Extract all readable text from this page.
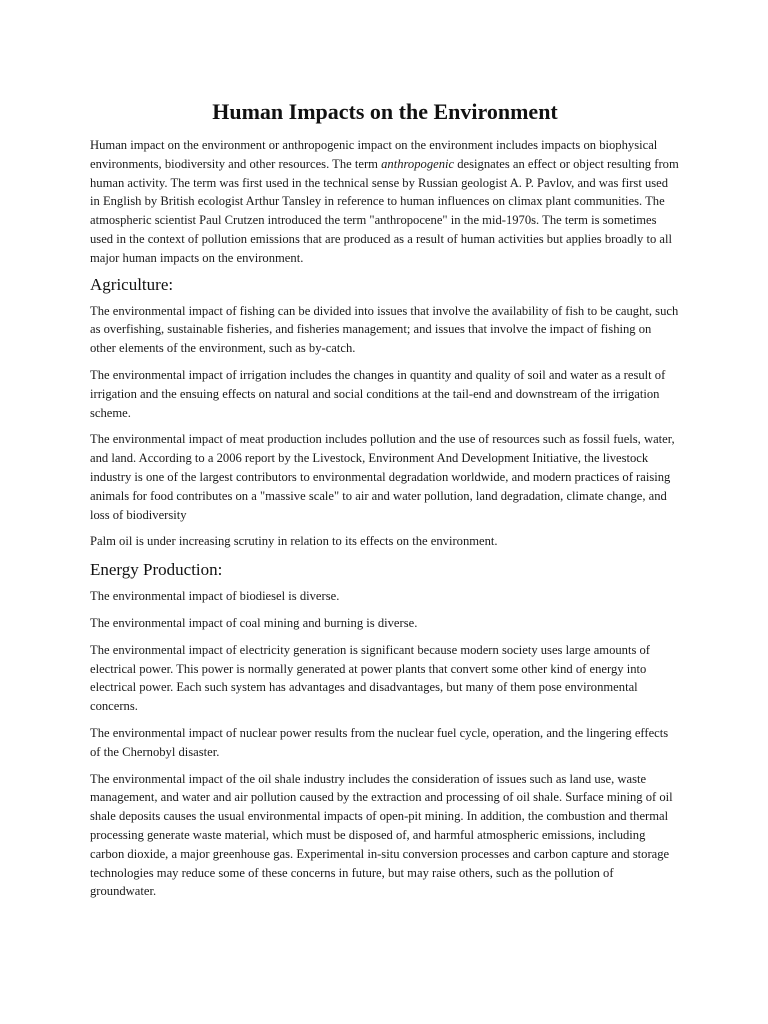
Human Impacts on the Environment

Human impact on the environment or anthropogenic impact on the environment includes impacts on biophysical environments, biodiversity and other resources. The term anthropogenic designates an effect or object resulting from human activity. The term was first used in the technical sense by Russian geologist A. P. Pavlov, and was first used in English by British ecologist Arthur Tansley in reference to human influences on climax plant communities. The atmospheric scientist Paul Crutzen introduced the term "anthropocene" in the mid-1970s. The term is sometimes used in the context of pollution emissions that are produced as a result of human activities but applies broadly to all major human impacts on the environment.

Agriculture:

The environmental impact of fishing can be divided into issues that involve the availability of fish to be caught, such as overfishing, sustainable fisheries, and fisheries management; and issues that involve the impact of fishing on other elements of the environment, such as by-catch.

The environmental impact of irrigation includes the changes in quantity and quality of soil and water as a result of irrigation and the ensuing effects on natural and social conditions at the tail-end and downstream of the irrigation scheme.

The environmental impact of meat production includes pollution and the use of resources such as fossil fuels, water, and land. According to a 2006 report by the Livestock, Environment And Development Initiative, the livestock industry is one of the largest contributors to environmental degradation worldwide, and modern practices of raising animals for food contributes on a "massive scale" to air and water pollution, land degradation, climate change, and loss of biodiversity

Palm oil is under increasing scrutiny in relation to its effects on the environment.

Energy Production:

The environmental impact of biodiesel is diverse.

The environmental impact of coal mining and burning is diverse.

The environmental impact of electricity generation is significant because modern society uses large amounts of electrical power. This power is normally generated at power plants that convert some other kind of energy into electrical power. Each such system has advantages and disadvantages, but many of them pose environmental concerns.

The environmental impact of nuclear power results from the nuclear fuel cycle, operation, and the lingering effects of the Chernobyl disaster.

The environmental impact of the oil shale industry includes the consideration of issues such as land use, waste management, and water and air pollution caused by the extraction and processing of oil shale. Surface mining of oil shale deposits causes the usual environmental impacts of open-pit mining. In addition, the combustion and thermal processing generate waste material, which must be disposed of, and harmful atmospheric emissions, including carbon dioxide, a major greenhouse gas. Experimental in-situ conversion processes and carbon capture and storage technologies may reduce some of these concerns in future, but may raise others, such as the pollution of groundwater.
